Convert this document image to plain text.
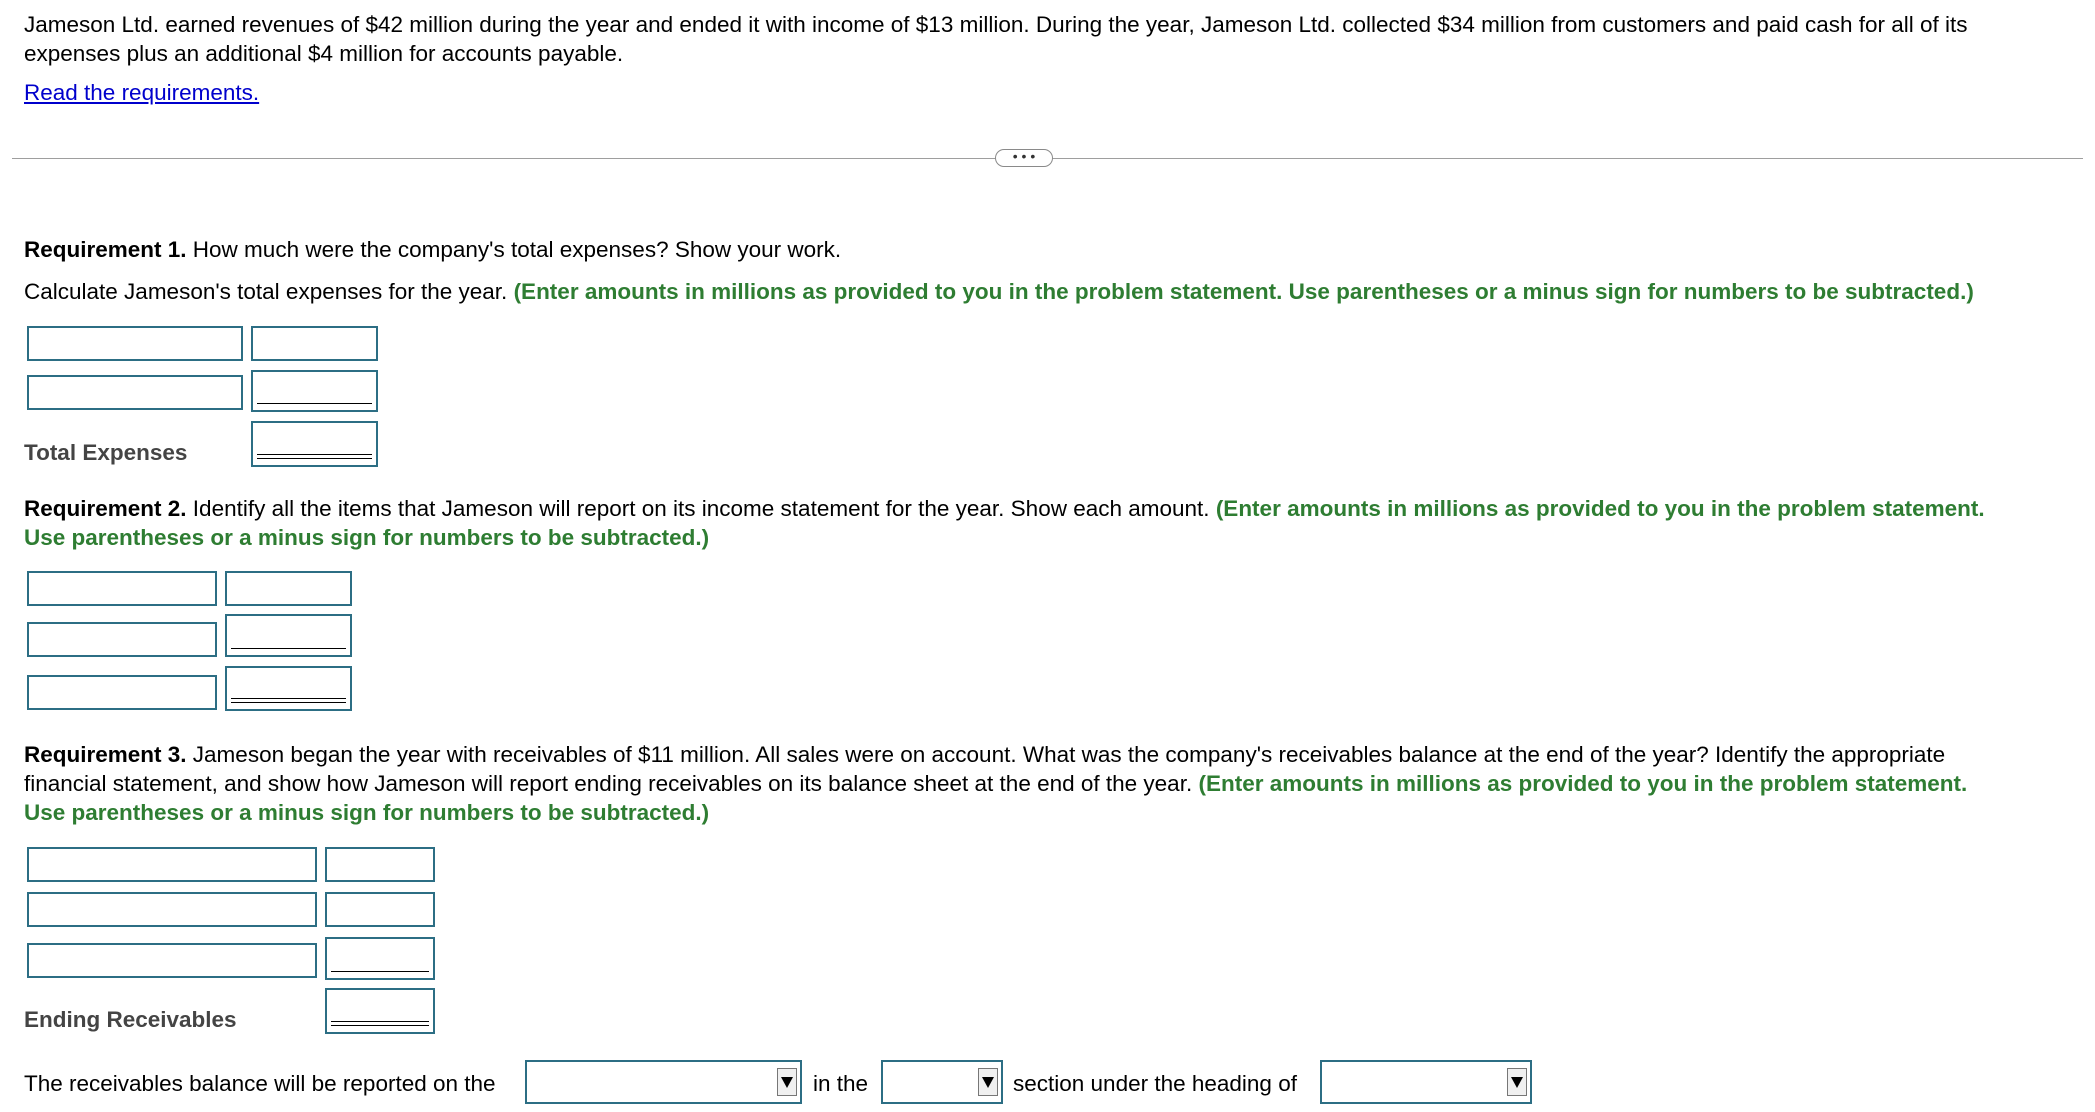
Jameson Ltd. earned revenues of $42 million during the year and ended it with income of $13 million. During the year, Jameson Ltd. collected $34 million from customers and paid cash for all of its
expenses plus an additional $4 million for accounts payable.
Read the requirements.
• • •
Requirement 1. How much were the company's total expenses? Show your work.
Calculate Jameson's total expenses for the year. (Enter amounts in millions as provided to you in the problem statement. Use parentheses or a minus sign for numbers to be subtracted.)
Total Expenses
Requirement 2. Identify all the items that Jameson will report on its income statement for the year. Show each amount. (Enter amounts in millions as provided to you in the problem statement.
Use parentheses or a minus sign for numbers to be subtracted.)
Requirement 3. Jameson began the year with receivables of $11 million. All sales were on account. What was the company's receivables balance at the end of the year? Identify the appropriate
financial statement, and show how Jameson will report ending receivables on its balance sheet at the end of the year. (Enter amounts in millions as provided to you in the problem statement.
Use parentheses or a minus sign for numbers to be subtracted.)
Ending Receivables
The receivables balance will be reported on the	in the	section under the heading of
